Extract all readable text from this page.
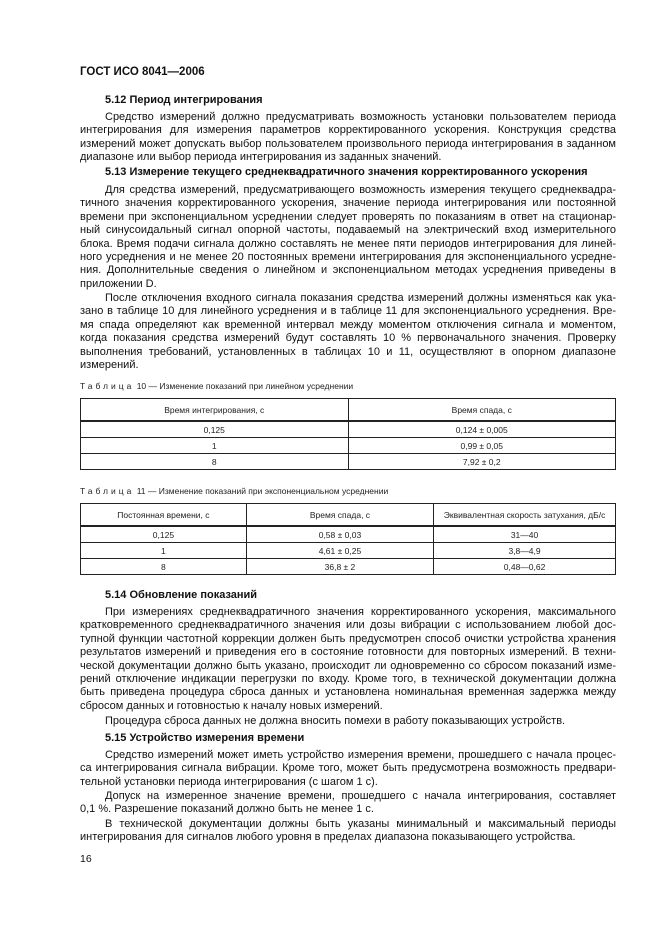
ГОСТ ИСО 8041—2006
5.12 Период интегрирования
Средство измерений должно предусматривать возможность установки пользователем периода
интегрирования для измерения параметров корректированного ускорения. Конструкция средства
измерений может допускать выбор пользователем произвольного периода интегрирования в заданном
диапазоне или выбор периода интегрирования из заданных значений.
5.13 Измерение текущего среднеквадратичного значения корректированного ускорения
Для средства измерений, предусматривающего возможность измерения текущего среднеквадра-
тичного значения корректированного ускорения, значение периода интегрирования или постоянной
времени при экспоненциальном усреднении следует проверять по показаниям в ответ на стационар-
ный синусоидальный сигнал опорной частоты, подаваемый на электрический вход измерительного
блока. Время подачи сигнала должно составлять не менее пяти периодов интегрирования для линей-
ного усреднения и не менее 20 постоянных времени интегрирования для экспоненциального усредне-
ния. Дополнительные сведения о линейном и экспоненциальном методах усреднения приведены в
приложении D.
После отключения входного сигнала показания средства измерений должны изменяться как ука-
зано в таблице 10 для линейного усреднения и в таблице 11 для экспоненциального усреднения. Вре-
мя спада определяют как временной интервал между моментом отключения сигнала и моментом,
когда показания средства измерений будут составлять 10 % первоначального значения. Проверку
выполнения требований, установленных в таблицах 10 и 11, осуществляют в опорном диапазоне
измерений.
Таблица 10 — Изменение показаний при линейном усреднении
Время интегрирования, с	Время спада, с
0,125	0,124 ± 0,005
1	0,99 ± 0,05
8	7,92 ± 0,2
Таблица 11 — Изменение показаний при экспоненциальном усреднении
Постоянная времени, с	Время спада, с	Эквивалентная скорость затухания, дБ/с
0,125	0,58 ± 0,03	31—40
1	4,61 ± 0,25	3,8—4,9
8	36,8 ± 2	0,48—0,62
5.14 Обновление показаний
При измерениях среднеквадратичного значения корректированного ускорения, максимального
кратковременного среднеквадратичного значения или дозы вибрации с использованием любой дос-
тупной функции частотной коррекции должен быть предусмотрен способ очистки устройства хранения
результатов измерений и приведения его в состояние готовности для повторных измерений. В техни-
ческой документации должно быть указано, происходит ли одновременно со сбросом показаний изме-
рений отключение индикации перегрузки по входу. Кроме того, в технической документации должна
быть приведена процедура сброса данных и установлена номинальная временная задержка между
сбросом данных и готовностью к началу новых измерений.
Процедура сброса данных не должна вносить помехи в работу показывающих устройств.
5.15 Устройство измерения времени
Средство измерений может иметь устройство измерения времени, прошедшего с начала процес-
са интегрирования сигнала вибрации. Кроме того, может быть предусмотрена возможность предвари-
тельной установки периода интегрирования (с шагом 1 с).
Допуск на измеренное значение времени, прошедшего с начала интегрирования, составляет
0,1 %. Разрешение показаний должно быть не менее 1 с.
В технической документации должны быть указаны минимальный и максимальный периоды
интегрирования для сигналов любого уровня в пределах диапазона показывающего устройства.
16
